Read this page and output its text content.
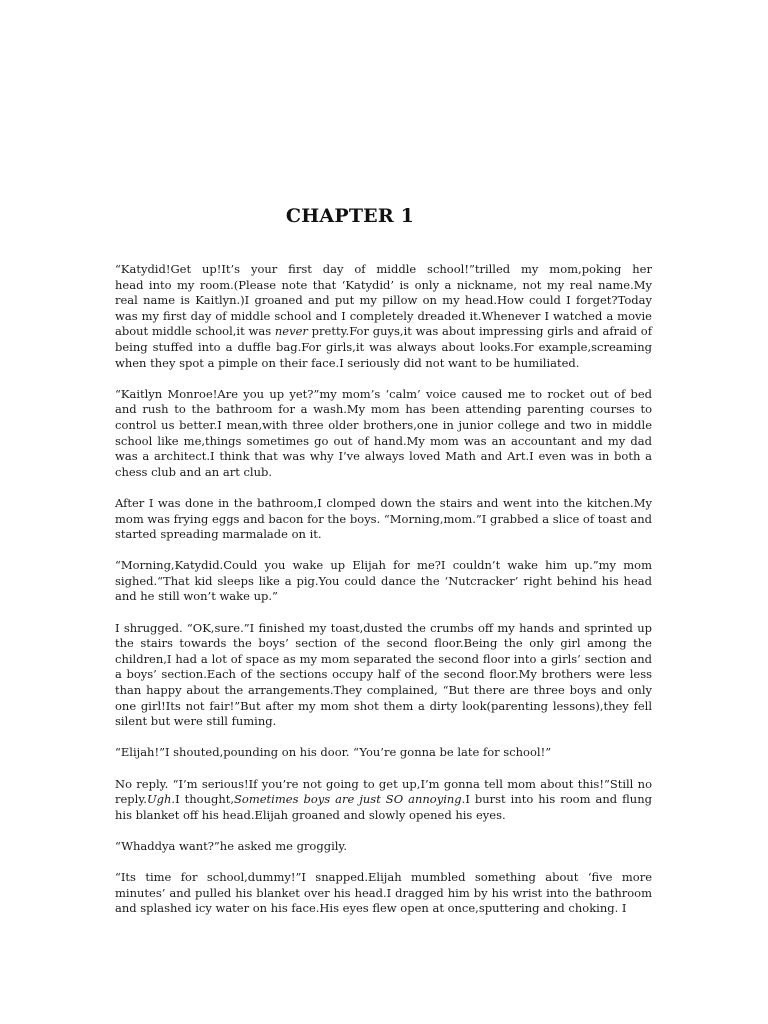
CHAPTER 1

“Katydid!Get up!It’s your first day of middle school!”trilled my mom,poking her
head into my room.(Please note that ‘Katydid’ is only a nickname, not my real name.My
real name is Kaitlyn.)I groaned and put my pillow on my head.How could I forget?Today
was my first day of middle school and I completely dreaded it.Whenever I watched a movie
about middle school,it was never pretty.For guys,it was about impressing girls and afraid of
being stuffed into a duffle bag.For girls,it was always about looks.For example,screaming
when they spot a pimple on their face.I seriously did not want to be humiliated.

“Kaitlyn Monroe!Are you up yet?”my mom’s ‘calm’ voice caused me to rocket out of bed
and rush to the bathroom for a wash.My mom has been attending parenting courses to
control us better.I mean,with three older brothers,one in junior college and two in middle
school like me,things sometimes go out of hand.My mom was an accountant and my dad
was a architect.I think that was why I’ve always loved Math and Art.I even was in both a
chess club and an art club.

After I was done in the bathroom,I clomped down the stairs and went into the kitchen.My
mom was frying eggs and bacon for the boys. “Morning,mom.”I grabbed a slice of toast and
started spreading marmalade on it.

“Morning,Katydid.Could you wake up Elijah for me?I couldn’t wake him up.”my mom
sighed.“That kid sleeps like a pig.You could dance the ‘Nutcracker’ right behind his head
and he still won’t wake up.”

I shrugged. “OK,sure.”I finished my toast,dusted the crumbs off my hands and sprinted up
the stairs towards the boys’ section of the second floor.Being the only girl among the
children,I had a lot of space as my mom separated the second floor into a girls’ section and
a boys’ section.Each of the sections occupy half of the second floor.My brothers were less
than happy about the arrangements.They complained, “But there are three boys and only
one girl!Its not fair!”But after my mom shot them a dirty look(parenting lessons),they fell
silent but were still fuming.

“Elijah!”I shouted,pounding on his door. “You’re gonna be late for school!”

No reply. “I’m serious!If you’re not going to get up,I’m gonna tell mom about this!”Still no
reply.Ugh.I thought,Sometimes boys are just SO annoying.I burst into his room and flung
his blanket off his head.Elijah groaned and slowly opened his eyes.

“Whaddya want?”he asked me groggily.

“Its time for school,dummy!”I snapped.Elijah mumbled something about ‘five more
minutes’ and pulled his blanket over his head.I dragged him by his wrist into the bathroom
and splashed icy water on his face.His eyes flew open at once,sputtering and choking. I
